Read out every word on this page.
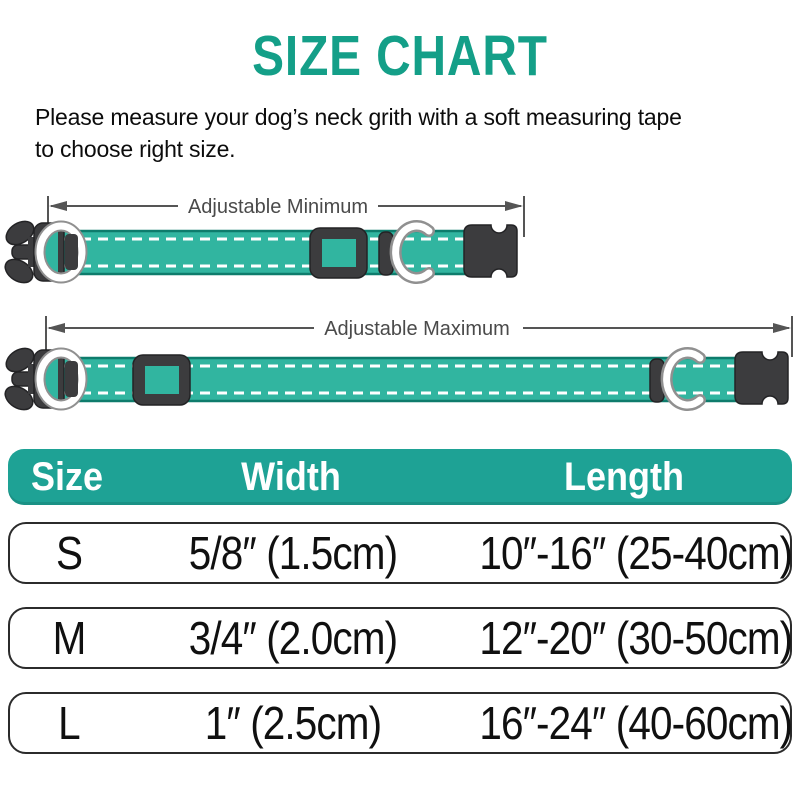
SIZE CHART
Please measure your dog’s neck grith with a soft measuring tape
to choose right size.
Adjustable Minimum
Adjustable Maximum
Size	Width	Length
S	5/8″ (1.5cm)	10″-16″ (25-40cm)
M	3/4″ (2.0cm)	12″-20″ (30-50cm)
L	1″ (2.5cm)	16″-24″ (40-60cm)
